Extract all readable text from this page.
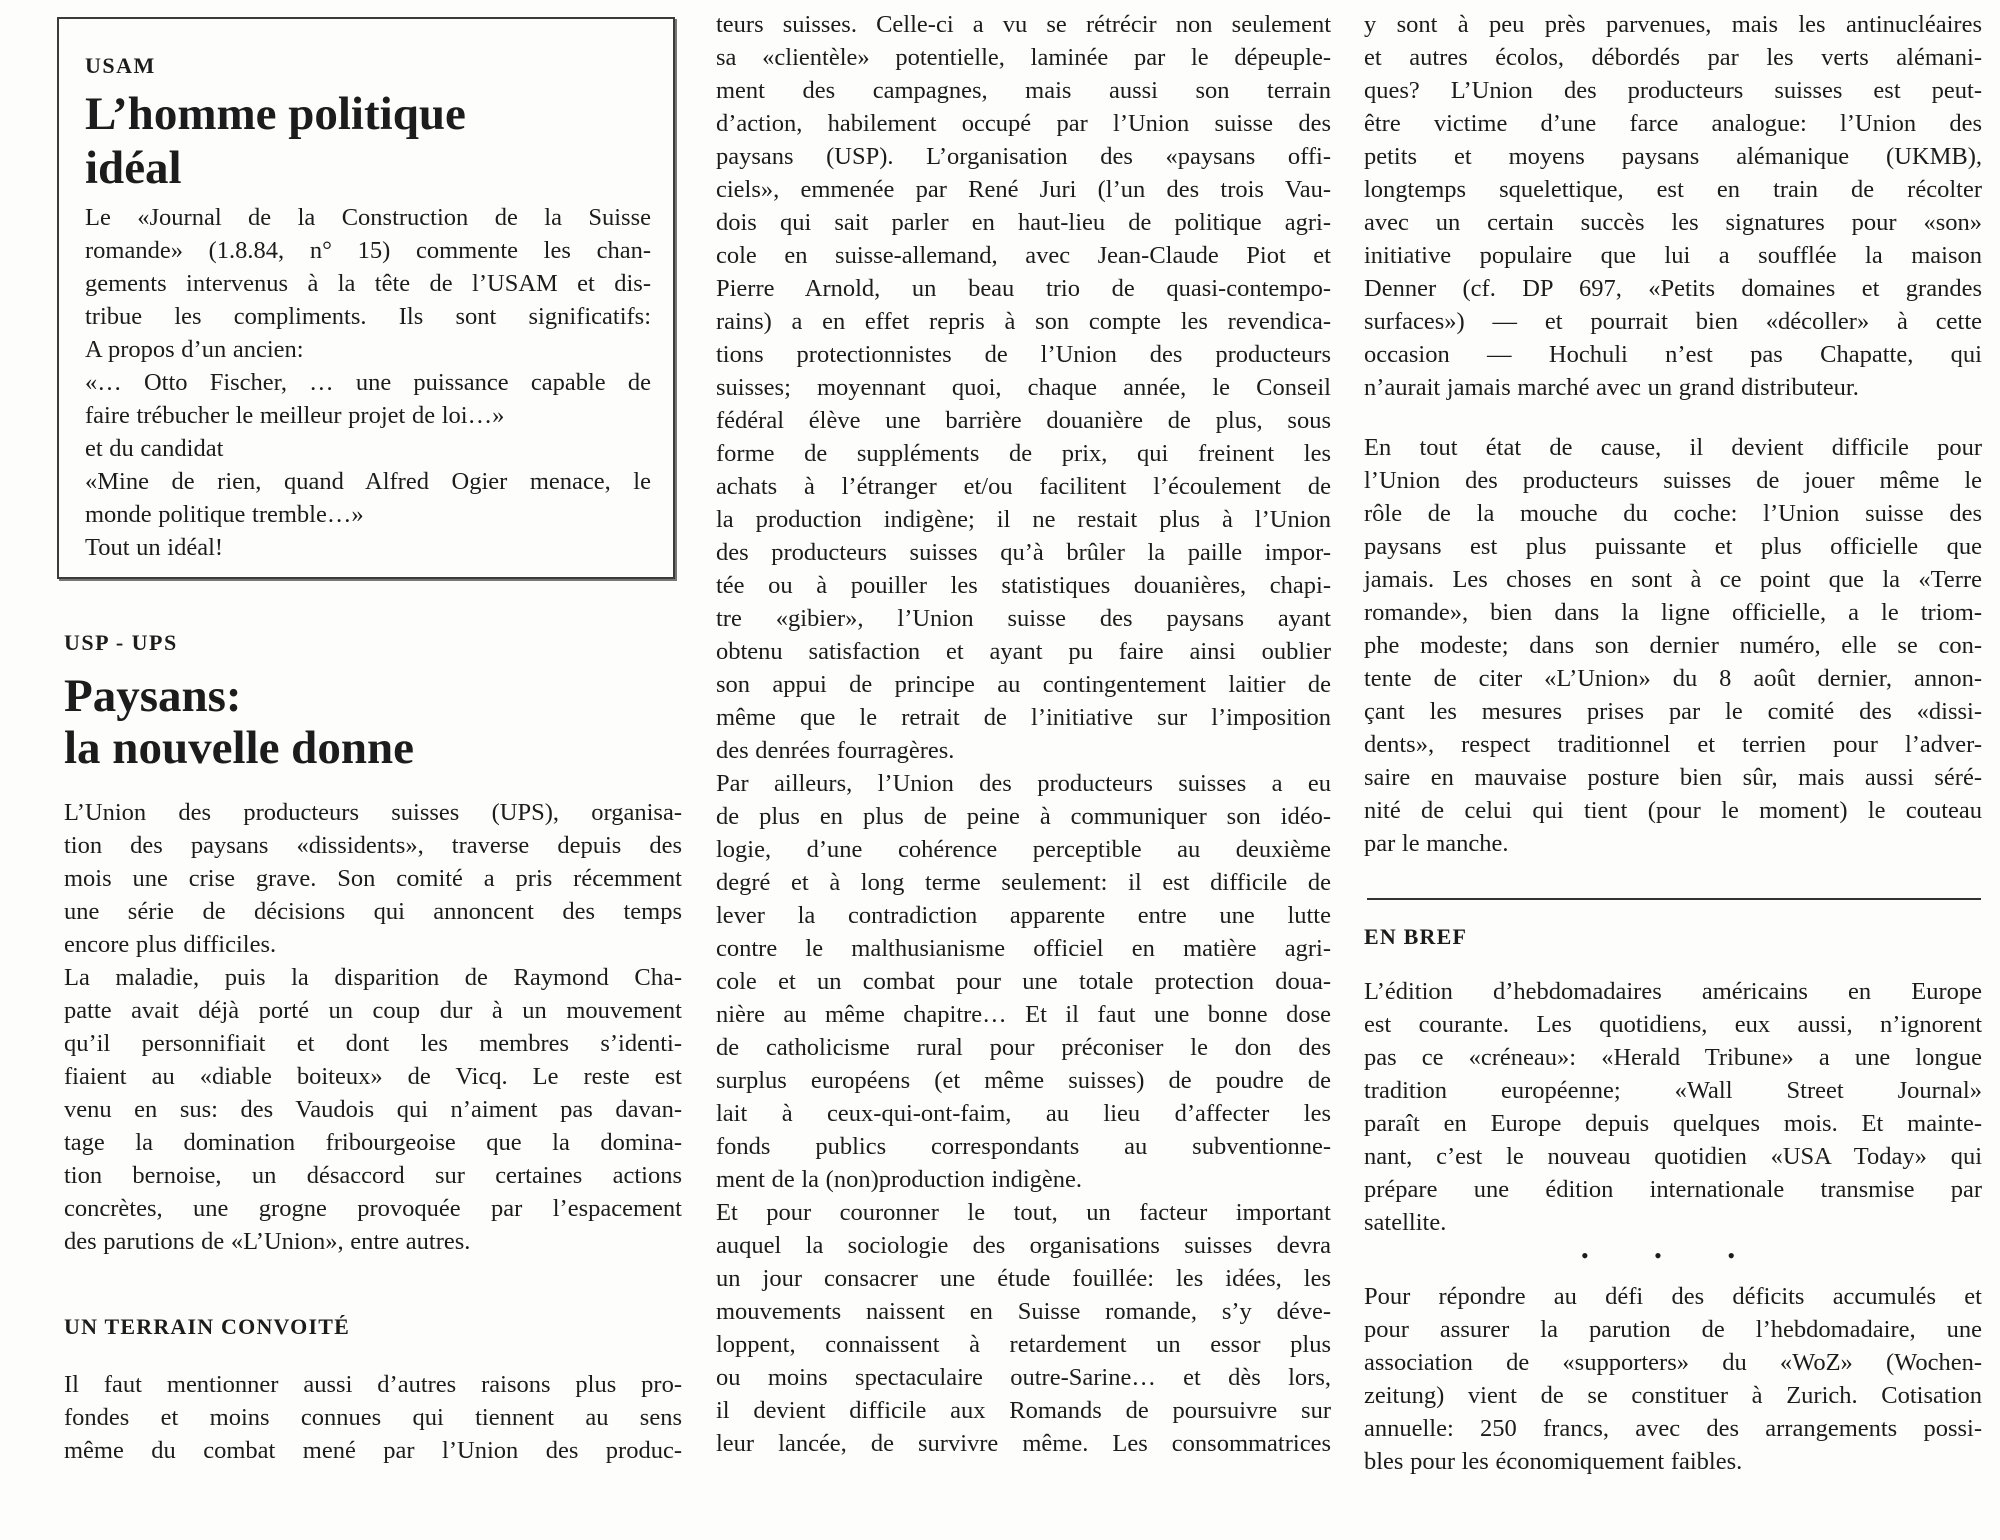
USAM

L’homme politique
idéal
Le «Journal de la Construction de la Suisse
romande» (1.8.84, n° 15) commente les chan-
gements intervenus à la tête de l’USAM et dis-
tribue les compliments. Ils sont significatifs:
A propos d’un ancien:
«… Otto Fischer, … une puissance capable de
faire trébucher le meilleur projet de loi…»
et du candidat
«Mine de rien, quand Alfred Ogier menace, le
monde politique tremble…»
Tout un idéal!
USP - UPS
Paysans:
la nouvelle donne
L’Union des producteurs suisses (UPS), organisa-
tion des paysans «dissidents», traverse depuis des
mois une crise grave. Son comité a pris récemment
une série de décisions qui annoncent des temps
encore plus difficiles.
La maladie, puis la disparition de Raymond Cha-
patte avait déjà porté un coup dur à un mouvement
qu’il personnifiait et dont les membres s’identi-
fiaient au «diable boiteux» de Vicq. Le reste est
venu en sus: des Vaudois qui n’aiment pas davan-
tage la domination fribourgeoise que la domina-
tion bernoise, un désaccord sur certaines actions
concrètes, une grogne provoquée par l’espacement
des parutions de «L’Union», entre autres.
UN TERRAIN CONVOITÉ
Il faut mentionner aussi d’autres raisons plus pro-
fondes et moins connues qui tiennent au sens
même du combat mené par l’Union des produc-
teurs suisses. Celle-ci a vu se rétrécir non seulement
sa «clientèle» potentielle, laminée par le dépeuple-
ment des campagnes, mais aussi son terrain
d’action, habilement occupé par l’Union suisse des
paysans (USP). L’organisation des «paysans offi-
ciels», emmenée par René Juri (l’un des trois Vau-
dois qui sait parler en haut-lieu de politique agri-
cole en suisse-allemand, avec Jean-Claude Piot et
Pierre Arnold, un beau trio de quasi-contempo-
rains) a en effet repris à son compte les revendica-
tions protectionnistes de l’Union des producteurs
suisses; moyennant quoi, chaque année, le Conseil
fédéral élève une barrière douanière de plus, sous
forme de suppléments de prix, qui freinent les
achats à l’étranger et/ou facilitent l’écoulement de
la production indigène; il ne restait plus à l’Union
des producteurs suisses qu’à brûler la paille impor-
tée ou à pouiller les statistiques douanières, chapi-
tre «gibier», l’Union suisse des paysans ayant
obtenu satisfaction et ayant pu faire ainsi oublier
son appui de principe au contingentement laitier de
même que le retrait de l’initiative sur l’imposition
des denrées fourragères.
Par ailleurs, l’Union des producteurs suisses a eu
de plus en plus de peine à communiquer son idéo-
logie, d’une cohérence perceptible au deuxième
degré et à long terme seulement: il est difficile de
lever la contradiction apparente entre une lutte
contre le malthusianisme officiel en matière agri-
cole et un combat pour une totale protection doua-
nière au même chapitre… Et il faut une bonne dose
de catholicisme rural pour préconiser le don des
surplus européens (et même suisses) de poudre de
lait à ceux-qui-ont-faim, au lieu d’affecter les
fonds publics correspondants au subventionne-
ment de la (non)production indigène.
Et pour couronner le tout, un facteur important
auquel la sociologie des organisations suisses devra
un jour consacrer une étude fouillée: les idées, les
mouvements naissent en Suisse romande, s’y déve-
loppent, connaissent à retardement un essor plus
ou moins spectaculaire outre-Sarine… et dès lors,
il devient difficile aux Romands de poursuivre sur
leur lancée, de survivre même. Les consommatrices
y sont à peu près parvenues, mais les antinucléaires
et autres écolos, débordés par les verts alémani-
ques? L’Union des producteurs suisses est peut-
être victime d’une farce analogue: l’Union des
petits et moyens paysans alémanique (UKMB),
longtemps squelettique, est en train de récolter
avec un certain succès les signatures pour «son»
initiative populaire que lui a soufflée la maison
Denner (cf. DP 697, «Petits domaines et grandes
surfaces») — et pourrait bien «décoller» à cette
occasion — Hochuli n’est pas Chapatte, qui
n’aurait jamais marché avec un grand distributeur.
En tout état de cause, il devient difficile pour
l’Union des producteurs suisses de jouer même le
rôle de la mouche du coche: l’Union suisse des
paysans est plus puissante et plus officielle que
jamais. Les choses en sont à ce point que la «Terre
romande», bien dans la ligne officielle, a le triom-
phe modeste; dans son dernier numéro, elle se con-
tente de citer «L’Union» du 8 août dernier, annon-
çant les mesures prises par le comité des «dissi-
dents», respect traditionnel et terrien pour l’adver-
saire en mauvaise posture bien sûr, mais aussi séré-
nité de celui qui tient (pour le moment) le couteau
par le manche.
EN BREF
L’édition d’hebdomadaires américains en Europe
est courante. Les quotidiens, eux aussi, n’ignorent
pas ce «créneau»: «Herald Tribune» a une longue
tradition européenne; «Wall Street Journal»
paraît en Europe depuis quelques mois. Et mainte-
nant, c’est le nouveau quotidien «USA Today» qui
prépare une édition internationale transmise par
satellite.
• • •
Pour répondre au défi des déficits accumulés et
pour assurer la parution de l’hebdomadaire, une
association de «supporters» du «WoZ» (Wochen-
zeitung) vient de se constituer à Zurich. Cotisation
annuelle: 250 francs, avec des arrangements possi-
bles pour les économiquement faibles.
